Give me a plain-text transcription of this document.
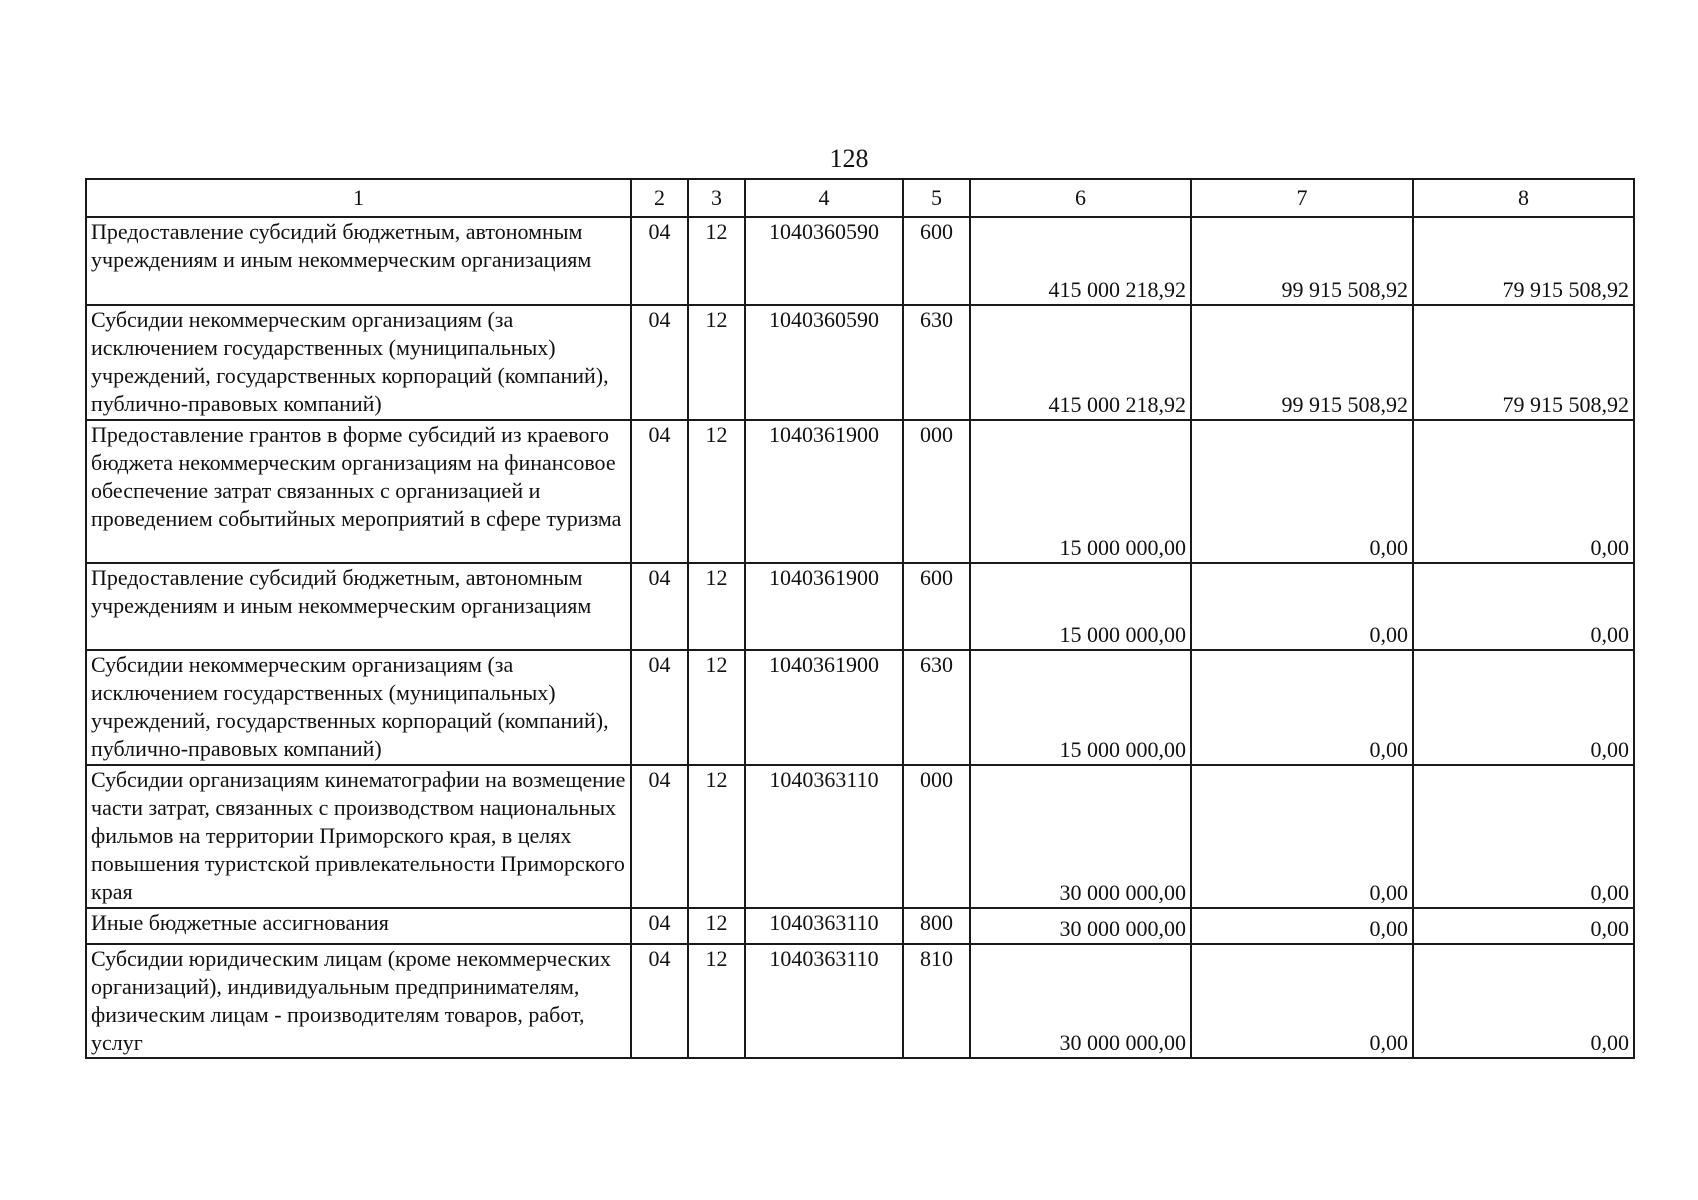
128
1	2	3	4	5	6	7	8
Предоставление субсидий бюджетным, автономным учреждениям и иным некоммерческим организациям	04	12	1040360590	600	415 000 218,92	99 915 508,92	79 915 508,92
Субсидии некоммерческим организациям (за исключением государственных (муниципальных) учреждений, государственных корпораций (компаний), публично-правовых компаний)	04	12	1040360590	630	415 000 218,92	99 915 508,92	79 915 508,92
Предоставление грантов в форме субсидий из краевого бюджета некоммерческим организациям на финансовое обеспечение затрат связанных с организацией и проведением событийных мероприятий в сфере туризма	04	12	1040361900	000	15 000 000,00	0,00	0,00
Предоставление субсидий бюджетным, автономным учреждениям и иным некоммерческим организациям	04	12	1040361900	600	15 000 000,00	0,00	0,00
Субсидии некоммерческим организациям (за исключением государственных (муниципальных) учреждений, государственных корпораций (компаний), публично-правовых компаний)	04	12	1040361900	630	15 000 000,00	0,00	0,00
Субсидии организациям кинематографии на возмещение части затрат, связанных с производством национальных фильмов на территории Приморского края, в целях повышения туристской привлекательности Приморского края	04	12	1040363110	000	30 000 000,00	0,00	0,00
Иные бюджетные ассигнования	04	12	1040363110	800	30 000 000,00	0,00	0,00
Субсидии юридическим лицам (кроме некоммерческих организаций), индивидуальным предпринимателям, физическим лицам - производителям товаров, работ, услуг	04	12	1040363110	810	30 000 000,00	0,00	0,00
